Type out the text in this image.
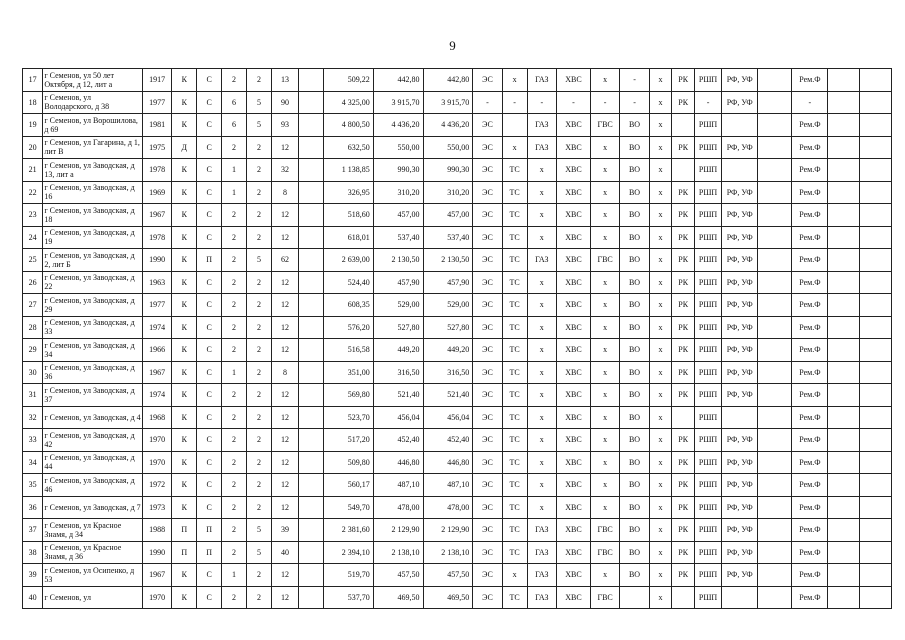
9
17	г Семенов, ул 50 лет Октября, д 12, лит а	1917	К	С	2	2	13		509,22	442,80	442,80	ЭС	х	ГАЗ	ХВС	х	-	х	РК	РШП	РФ, УФ		Рем.Ф		
18	г Семенов, ул Володарского, д 38	1977	К	С	6	5	90		4 325,00	3 915,70	3 915,70	-	-	-	-	-	-	х	РК	-	РФ, УФ		-		
19	г Семенов, ул Ворошилова, д 69	1981	К	С	6	5	93		4 800,50	4 436,20	4 436,20	ЭС		ГАЗ	ХВС	ГВС	ВО	х		РШП			Рем.Ф		
20	г Семенов, ул Гагарина, д 1, лит В	1975	Д	С	2	2	12		632,50	550,00	550,00	ЭС	х	ГАЗ	ХВС	х	ВО	х	РК	РШП	РФ, УФ		Рем.Ф		
21	г Семенов, ул Заводская, д 13, лит а	1978	К	С	1	2	32		1 138,85	990,30	990,30	ЭС	ТС	х	ХВС	х	ВО	х		РШП			Рем.Ф		
22	г Семенов, ул Заводская, д 16	1969	К	С	1	2	8		326,95	310,20	310,20	ЭС	ТС	х	ХВС	х	ВО	х	РК	РШП	РФ, УФ		Рем.Ф		
23	г Семенов, ул Заводская, д 18	1967	К	С	2	2	12		518,60	457,00	457,00	ЭС	ТС	х	ХВС	х	ВО	х	РК	РШП	РФ, УФ		Рем.Ф		
24	г Семенов, ул Заводская, д 19	1978	К	С	2	2	12		618,01	537,40	537,40	ЭС	ТС	х	ХВС	х	ВО	х	РК	РШП	РФ, УФ		Рем.Ф		
25	г Семенов, ул Заводская, д 2, лит Б	1990	К	П	2	5	62		2 639,00	2 130,50	2 130,50	ЭС	ТС	ГАЗ	ХВС	ГВС	ВО	х	РК	РШП	РФ, УФ		Рем.Ф		
26	г Семенов, ул Заводская, д 22	1963	К	С	2	2	12		524,40	457,90	457,90	ЭС	ТС	х	ХВС	х	ВО	х	РК	РШП	РФ, УФ		Рем.Ф		
27	г Семенов, ул Заводская, д 29	1977	К	С	2	2	12		608,35	529,00	529,00	ЭС	ТС	х	ХВС	х	ВО	х	РК	РШП	РФ, УФ		Рем.Ф		
28	г Семенов, ул Заводская, д 33	1974	К	С	2	2	12		576,20	527,80	527,80	ЭС	ТС	х	ХВС	х	ВО	х	РК	РШП	РФ, УФ		Рем.Ф		
29	г Семенов, ул Заводская, д 34	1966	К	С	2	2	12		516,58	449,20	449,20	ЭС	ТС	х	ХВС	х	ВО	х	РК	РШП	РФ, УФ		Рем.Ф		
30	г Семенов, ул Заводская, д 36	1967	К	С	1	2	8		351,00	316,50	316,50	ЭС	ТС	х	ХВС	х	ВО	х	РК	РШП	РФ, УФ		Рем.Ф		
31	г Семенов, ул Заводская, д 37	1974	К	С	2	2	12		569,80	521,40	521,40	ЭС	ТС	х	ХВС	х	ВО	х	РК	РШП	РФ, УФ		Рем.Ф		
32	г Семенов, ул Заводская, д 4	1968	К	С	2	2	12		523,70	456,04	456,04	ЭС	ТС	х	ХВС	х	ВО	х		РШП			Рем.Ф		
33	г Семенов, ул Заводская, д 42	1970	К	С	2	2	12		517,20	452,40	452,40	ЭС	ТС	х	ХВС	х	ВО	х	РК	РШП	РФ, УФ		Рем.Ф		
34	г Семенов, ул Заводская, д 44	1970	К	С	2	2	12		509,80	446,80	446,80	ЭС	ТС	х	ХВС	х	ВО	х	РК	РШП	РФ, УФ		Рем.Ф		
35	г Семенов, ул Заводская, д 46	1972	К	С	2	2	12		560,17	487,10	487,10	ЭС	ТС	х	ХВС	х	ВО	х	РК	РШП	РФ, УФ		Рем.Ф		
36	г Семенов, ул Заводская, д 7	1973	К	С	2	2	12		549,70	478,00	478,00	ЭС	ТС	х	ХВС	х	ВО	х	РК	РШП	РФ, УФ		Рем.Ф		
37	г Семенов, ул Красное Знамя, д 34	1988	П	П	2	5	39		2 381,60	2 129,90	2 129,90	ЭС	ТС	ГАЗ	ХВС	ГВС	ВО	х	РК	РШП	РФ, УФ		Рем.Ф		
38	г Семенов, ул Красное Знамя, д 36	1990	П	П	2	5	40		2 394,10	2 138,10	2 138,10	ЭС	ТС	ГАЗ	ХВС	ГВС	ВО	х	РК	РШП	РФ, УФ		Рем.Ф		
39	г Семенов, ул Осипенко, д 53	1967	К	С	1	2	12		519,70	457,50	457,50	ЭС	х	ГАЗ	ХВС	х	ВО	х	РК	РШП	РФ, УФ		Рем.Ф		
40	г Семенов, ул	1970	К	С	2	2	12		537,70	469,50	469,50	ЭС	ТС	ГАЗ	ХВС	ГВС		х		РШП			Рем.Ф		
